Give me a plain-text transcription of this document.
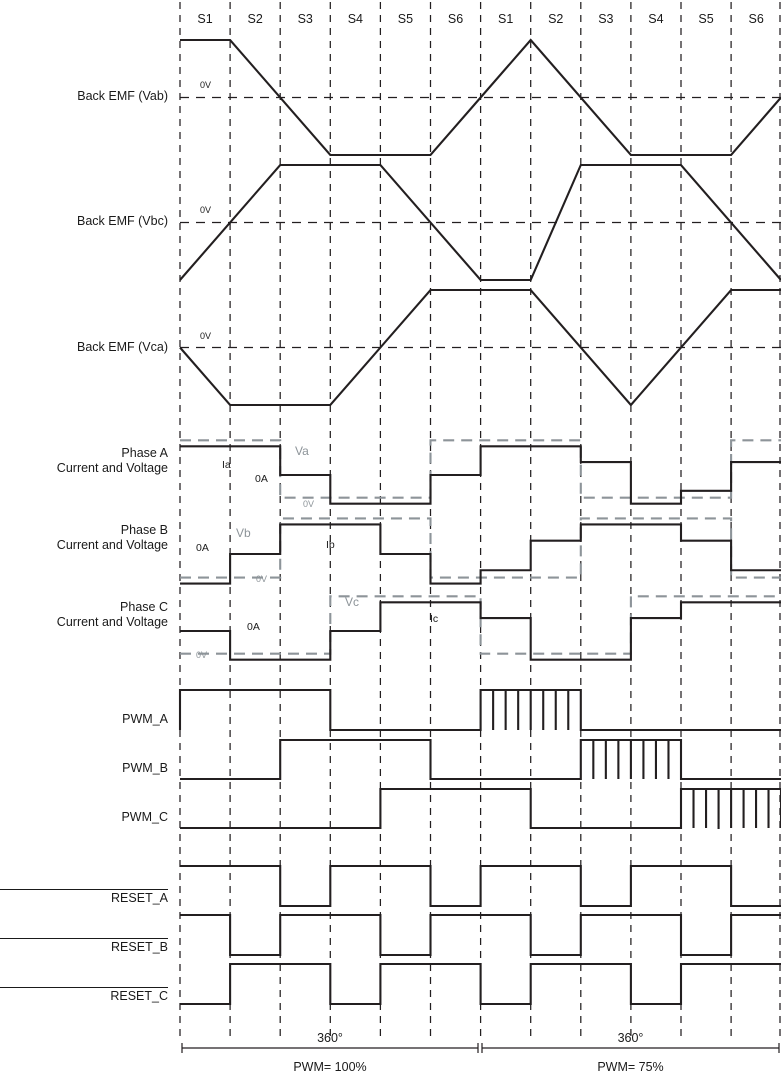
0V
0V
0V
S1	S2	S3	S4	S5	S6	S1	S2	S3	S4	S5	S6
Ia
0A
Va
0V
0A
Vb
Ib
0V
0A
Vc
Ic
0V
360°
PWM= 100%
360°
PWM= 75%
Back EMF (Vab)
Back EMF (Vbc)
Back EMF (Vca)
Phase A
Current and Voltage
Phase B
Current and Voltage
Phase C
Current and Voltage
PWM_A
PWM_B
PWM_C
RESET_A
RESET_B
RESET_C
